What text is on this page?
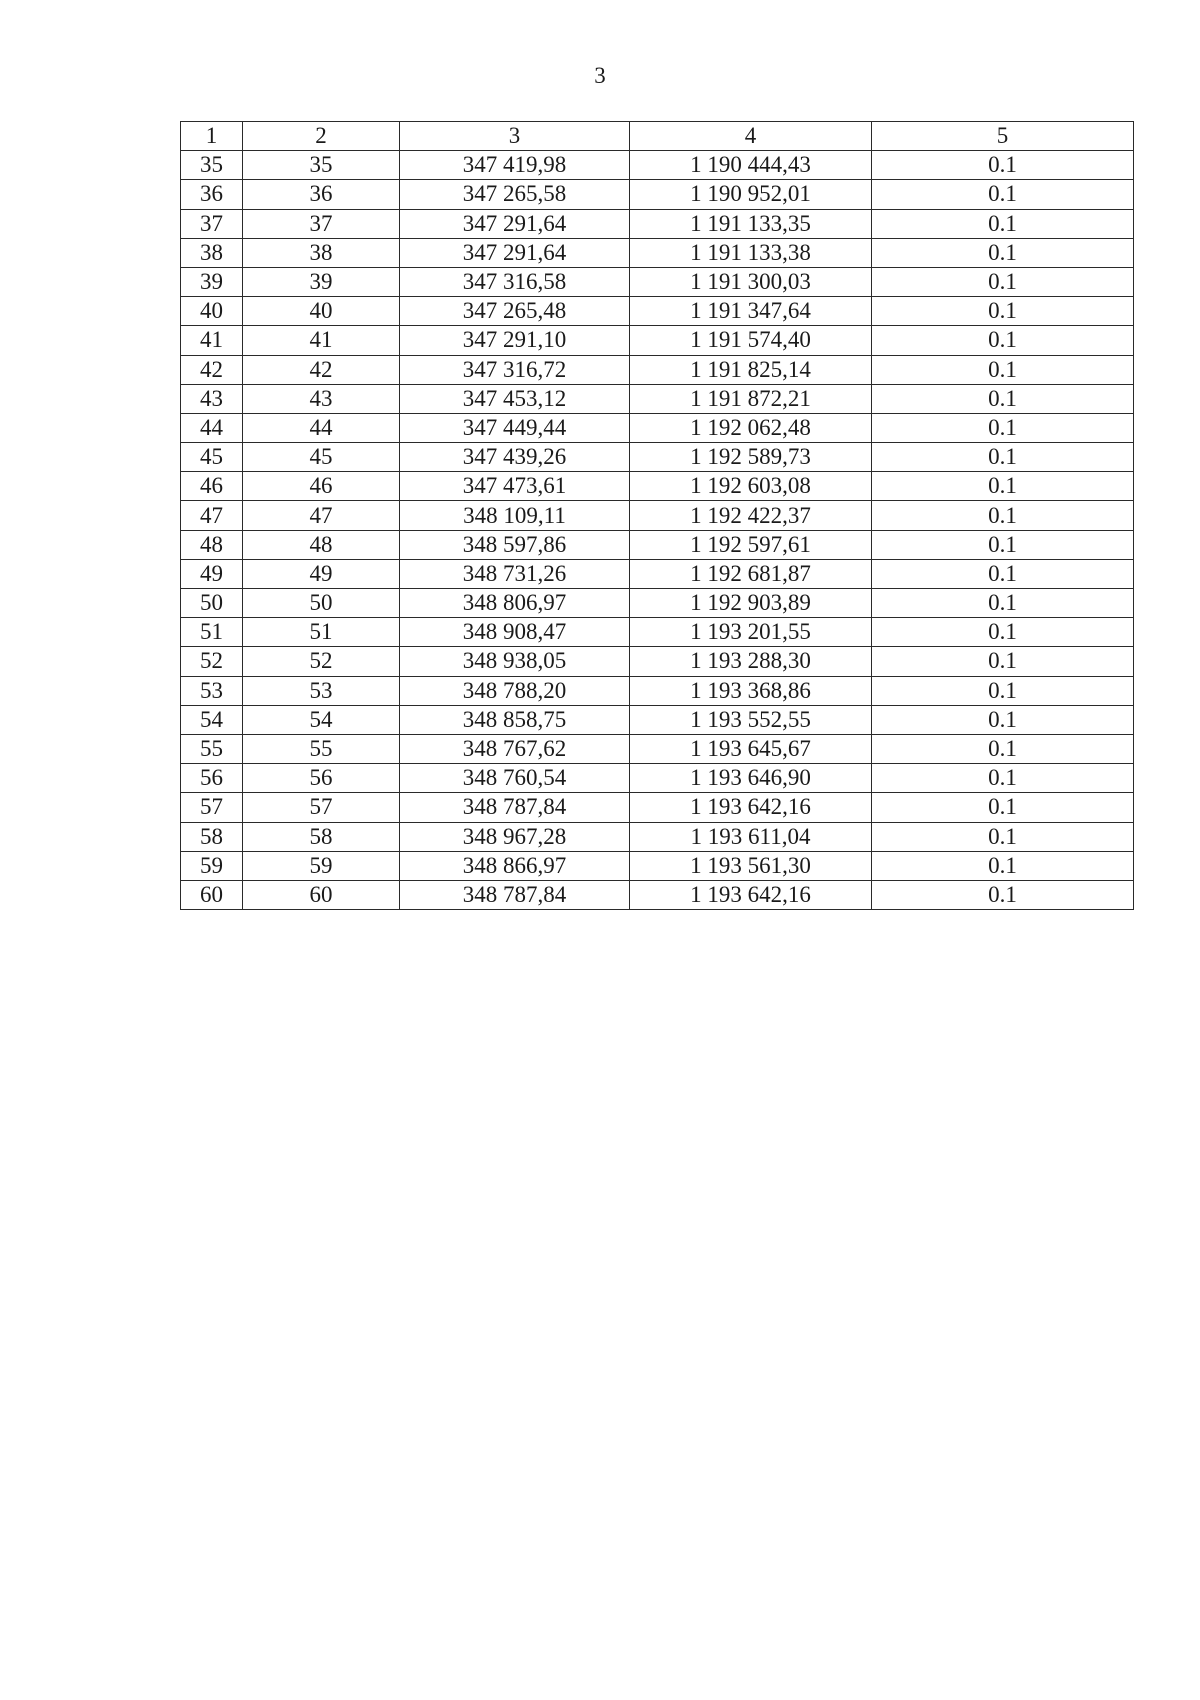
3
1	2	3	4	5
35	35	347 419,98	1 190 444,43	0.1
36	36	347 265,58	1 190 952,01	0.1
37	37	347 291,64	1 191 133,35	0.1
38	38	347 291,64	1 191 133,38	0.1
39	39	347 316,58	1 191 300,03	0.1
40	40	347 265,48	1 191 347,64	0.1
41	41	347 291,10	1 191 574,40	0.1
42	42	347 316,72	1 191 825,14	0.1
43	43	347 453,12	1 191 872,21	0.1
44	44	347 449,44	1 192 062,48	0.1
45	45	347 439,26	1 192 589,73	0.1
46	46	347 473,61	1 192 603,08	0.1
47	47	348 109,11	1 192 422,37	0.1
48	48	348 597,86	1 192 597,61	0.1
49	49	348 731,26	1 192 681,87	0.1
50	50	348 806,97	1 192 903,89	0.1
51	51	348 908,47	1 193 201,55	0.1
52	52	348 938,05	1 193 288,30	0.1
53	53	348 788,20	1 193 368,86	0.1
54	54	348 858,75	1 193 552,55	0.1
55	55	348 767,62	1 193 645,67	0.1
56	56	348 760,54	1 193 646,90	0.1
57	57	348 787,84	1 193 642,16	0.1
58	58	348 967,28	1 193 611,04	0.1
59	59	348 866,97	1 193 561,30	0.1
60	60	348 787,84	1 193 642,16	0.1
